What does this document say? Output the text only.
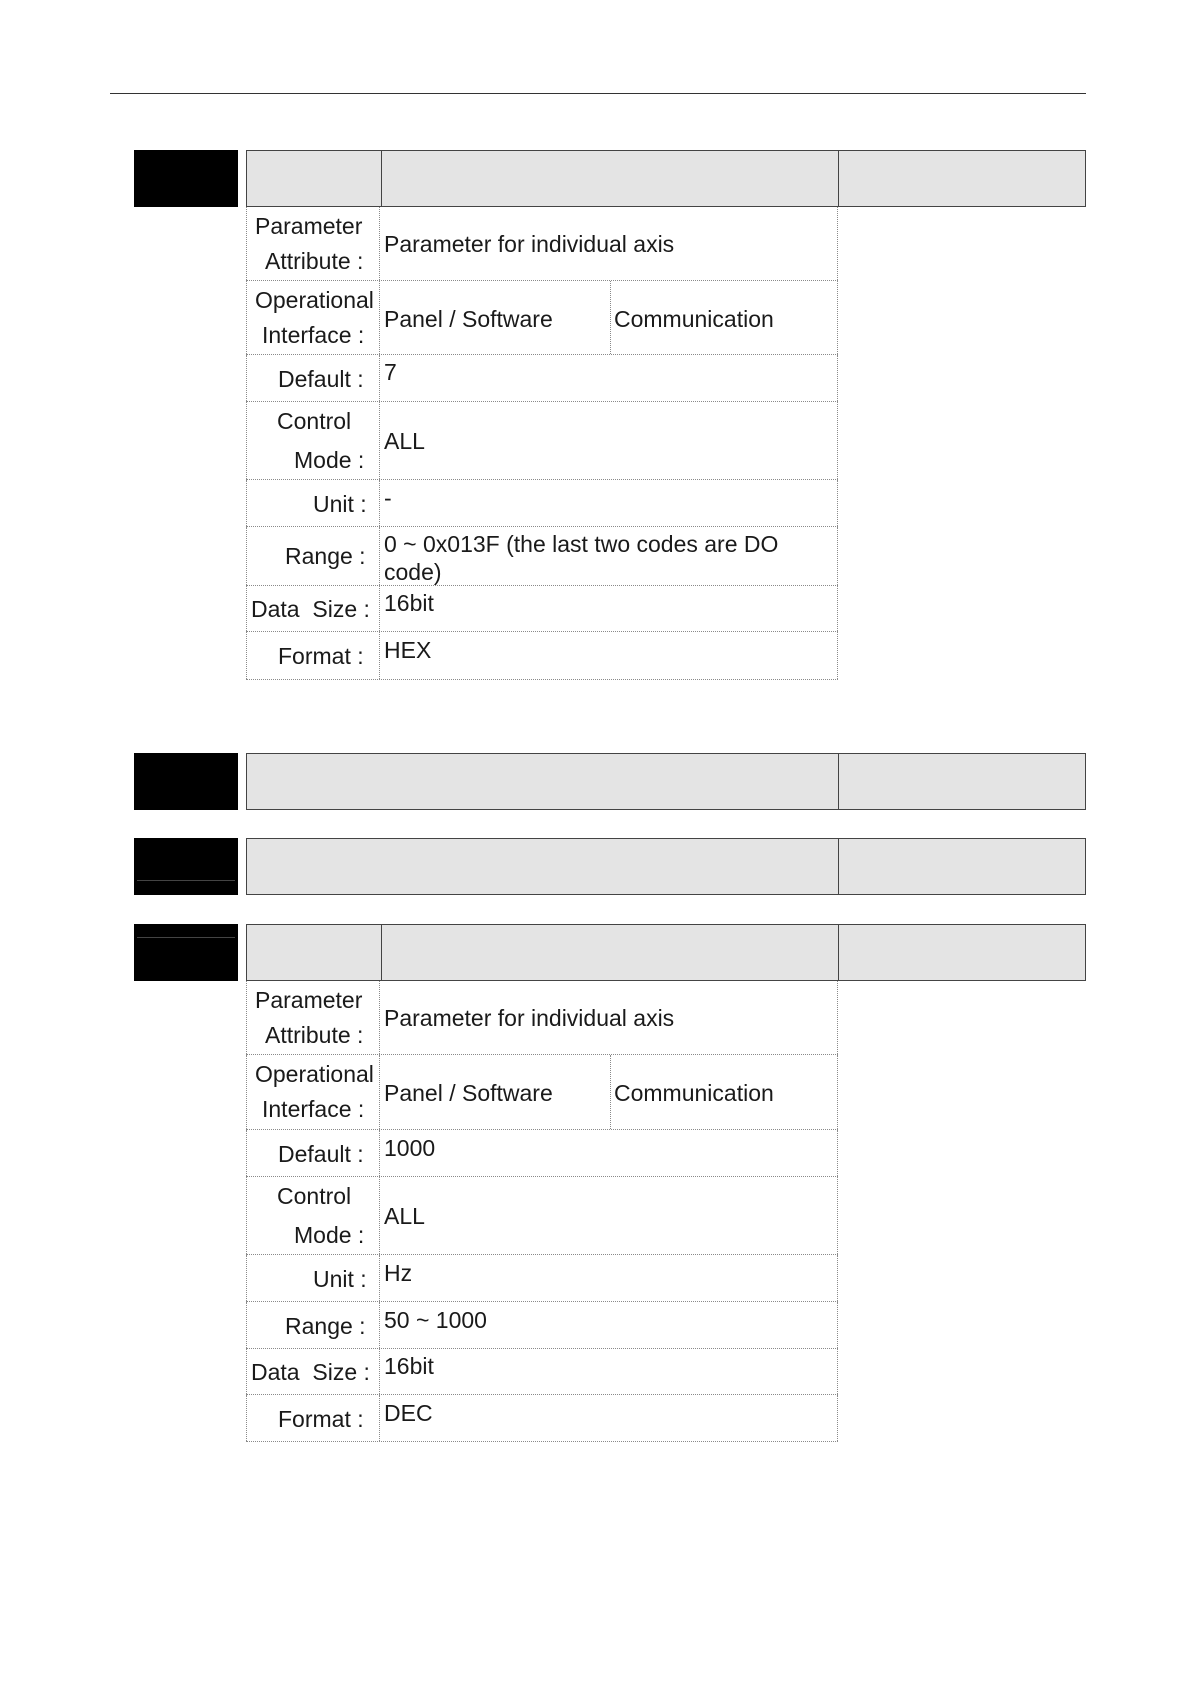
Parameter
Attribute :
Parameter for individual axis
Operational
Interface :
Panel / Software	Communication
Default : 7
Control
Mode :
ALL
Unit : -
Range : 0 ~ 0x013F (the last two codes are DO code)
Data  Size : 16bit
Format : HEX
Parameter
Attribute :
Parameter for individual axis
Operational
Interface :
Panel / Software	Communication
Default : 1000
Control
Mode :
ALL
Unit : Hz
Range : 50 ~ 1000
Data  Size : 16bit
Format : DEC
